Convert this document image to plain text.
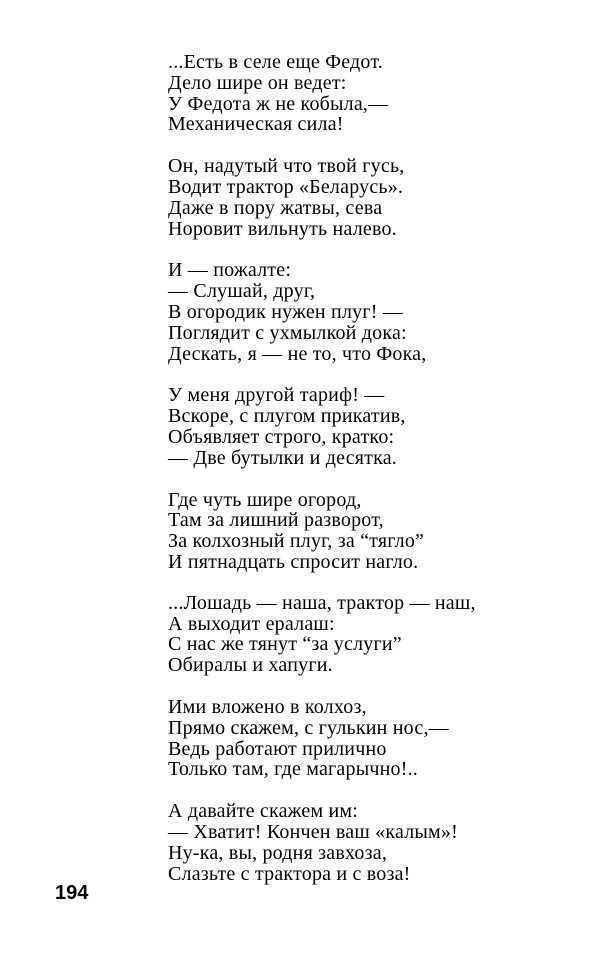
...Есть в селе еще Федот.
Дело шире он ведет:
У Федота ж не кобыла,—
Механическая сила!
Он, надутый что твой гусь,
Водит трактор «Беларусь».
Даже в пору жатвы, сева
Норовит вильнуть налево.
И — пожалте:
— Слушай, друг,
В огородик нужен плуг! —
Поглядит с ухмылкой дока:
Дескать, я — не то, что Фока,
У меня другой тариф! —
Вскоре, с плугом прикатив,
Объявляет строго, кратко:
— Две бутылки и десятка.
Где чуть шире огород,
Там за лишний разворот,
За колхозный плуг, за “тягло”
И пятнадцать спросит нагло.
...Лошадь — наша, трактор — наш,
А выходит ералаш:
С нас же тянут “за услуги”
Обиралы и хапуги.
Ими вложено в колхоз,
Прямо скажем, с гулькин нос,—
Ведь работают прилично
Только там, где магарычно!..
А давайте скажем им:
— Хватит! Кончен ваш «калым»!
Ну-ка, вы, родня завхоза,
Слазьте с трактора и с воза!
194
